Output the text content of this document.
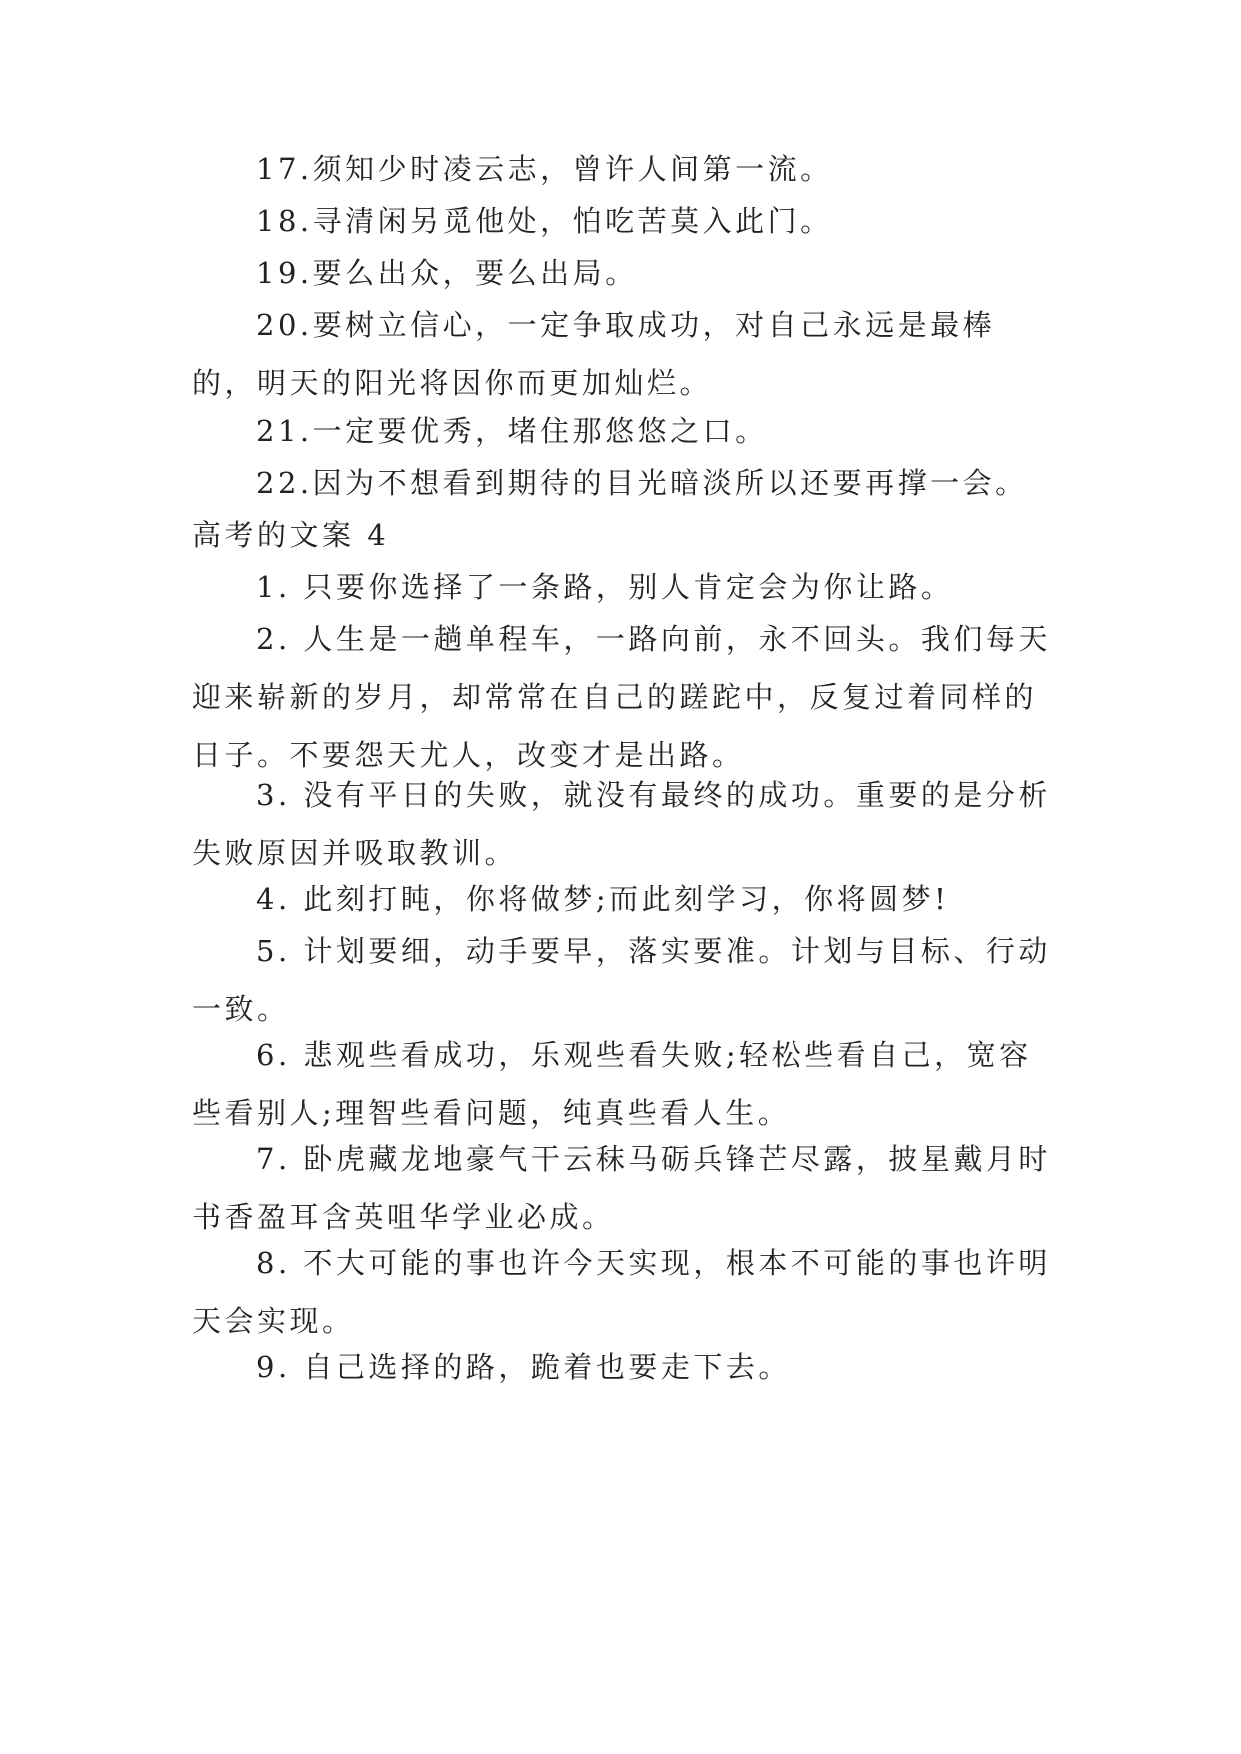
17.须知少时凌云志，曾许人间第一流。

18.寻清闲另觅他处，怕吃苦莫入此门。

19.要么出众，要么出局。

20.要树立信心，一定争取成功，对自己永远是最棒的，明天的阳光将因你而更加灿烂。

21.一定要优秀，堵住那悠悠之口。

22.因为不想看到期待的目光暗淡所以还要再撑一会。

高考的文案 4

1. 只要你选择了一条路，别人肯定会为你让路。

2. 人生是一趟单程车，一路向前，永不回头。我们每天迎来崭新的岁月，却常常在自己的蹉跎中，反复过着同样的日子。不要怨天尤人，改变才是出路。

3. 没有平日的失败，就没有最终的成功。重要的是分析失败原因并吸取教训。

4. 此刻打盹，你将做梦;而此刻学习，你将圆梦!

5. 计划要细，动手要早，落实要准。计划与目标、行动一致。

6. 悲观些看成功，乐观些看失败;轻松些看自己，宽容些看别人;理智些看问题，纯真些看人生。

7. 卧虎藏龙地豪气干云秣马砺兵锋芒尽露，披星戴月时书香盈耳含英咀华学业必成。

8. 不大可能的事也许今天实现，根本不可能的事也许明天会实现。

9. 自己选择的路，跪着也要走下去。
